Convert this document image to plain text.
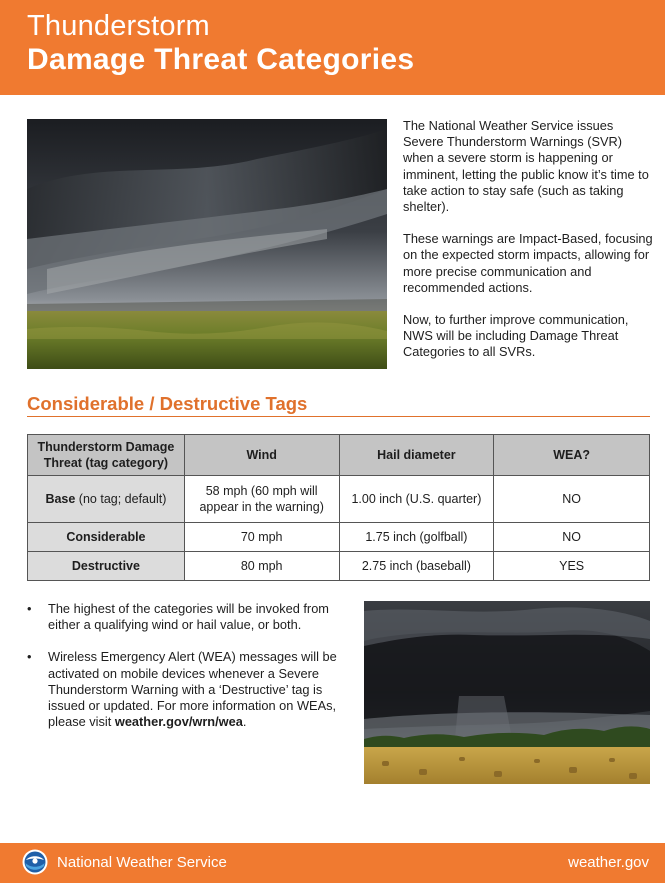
Thunderstorm
Damage Threat Categories

The National Weather Service issues Severe Thunderstorm Warnings (SVR) when a severe storm is happening or imminent, letting the public know it’s time to take action to stay safe (such as taking shelter).

These warnings are Impact-Based, focusing on the expected storm impacts, allowing for more precise communication and recommended actions.

Now, to further improve communication, NWS will be including Damage Threat Categories to all SVRs.

Considerable / Destructive Tags
Thunderstorm Damage Threat (tag category)	Wind	Hail diameter	WEA?
Base (no tag; default)	58 mph (60 mph will appear in the warning)	1.00 inch (U.S. quarter)	NO
Considerable	70 mph	1.75 inch (golfball)	NO
Destructive	80 mph	2.75 inch (baseball)	YES
• The highest of the categories will be invoked from either a qualifying wind or hail value, or both.
• Wireless Emergency Alert (WEA) messages will be activated on mobile devices whenever a Severe Thunderstorm Warning with a ‘Destructive’ tag is issued or updated. For more information on WEAs, please visit weather.gov/wrn/wea.
National Weather Service	weather.gov
